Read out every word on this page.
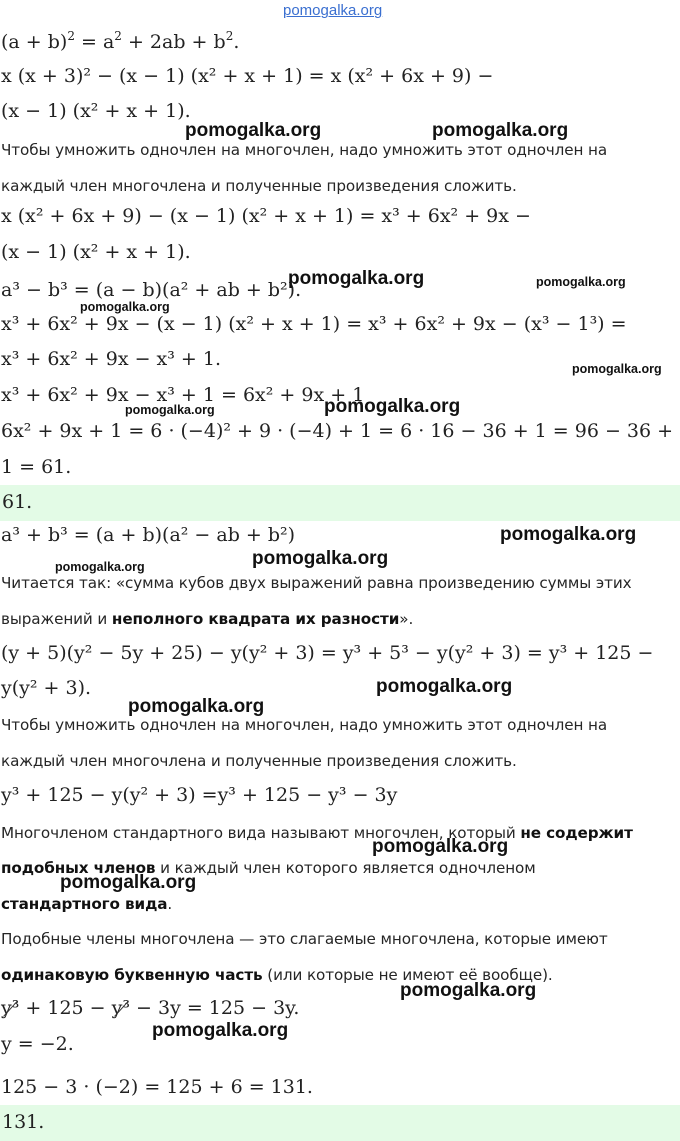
pomogalka.org
$(a + b)^2 = a^2 + 2ab + b^2$.
x (x + 3)² − (x − 1) (x² + x + 1) = x (x² + 6x + 9) −
(x − 1) (x² + x + 1).
Чтобы умножить одночлен на многочлен, надо умножить этот одночлен на
каждый член многочлена и полученные произведения сложить.
x (x² + 6x + 9) − (x − 1) (x² + x + 1) = x³ + 6x² + 9x −
(x − 1) (x² + x + 1).
a³ − b³ = (a − b)(a² + ab + b²).
x³ + 6x² + 9x − (x − 1) (x² + x + 1) = x³ + 6x² + 9x − (x³ − 1³) =
x³ + 6x² + 9x − x³ + 1.
x³ + 6x² + 9x − x³ + 1 = 6x² + 9x + 1
6x² + 9x + 1 = 6 · (−4)² + 9 · (−4) + 1 = 6 · 16 − 36 + 1 = 96 − 36 +
1 = 61.
61.
a³ + b³ = (a + b)(a² − ab + b²)
Читается так: «сумма кубов двух выражений равна произведению суммы этих
выражений и неполного квадрата их разности».
(y + 5)(y² − 5y + 25) − y(y² + 3) = y³ + 5³ − y(y² + 3) = y³ + 125 −
y(y² + 3).
Чтобы умножить одночлен на многочлен, надо умножить этот одночлен на
каждый член многочлена и полученные произведения сложить.
y³ + 125 − y(y² + 3) =y³ + 125 − y³ − 3y
Многочленом стандартного вида называют многочлен, который не содержит
подобных членов и каждый член которого является одночленом
стандартного вида.
Подобные члены многочлена — это слагаемые многочлена, которые имеют
одинаковую буквенную часть (или которые не имеют её вообще).
y³ + 125 − y³ − 3y = 125 − 3y.
y = −2.
125 − 3 · (−2) = 125 + 6 = 131.
131.
pomogalka.org	pomogalka.org
pomogalka.org	pomogalka.org
pomogalka.org
pomogalka.org
pomogalka.org	pomogalka.org
pomogalka.org
pomogalka.org
pomogalka.org
pomogalka.org
pomogalka.org
pomogalka.org
pomogalka.org
pomogalka.org
pomogalka.org
